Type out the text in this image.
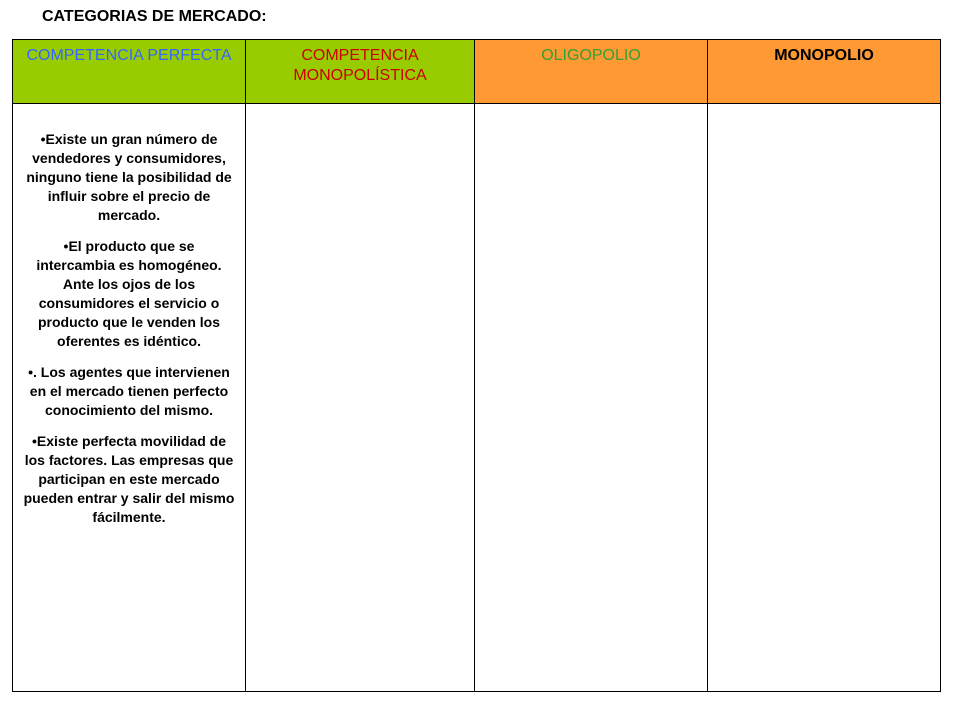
CATEGORIAS DE MERCADO:
COMPETENCIA PERFECTA	COMPETENCIA MONOPOLÍSTICA	OLIGOPOLIO	MONOPOLIO

•Existe un gran número de vendedores y consumidores, ninguno tiene la posibilidad de influir sobre el precio de mercado.

•El producto que se intercambia es homogéneo. Ante los ojos de los consumidores el servicio o producto que le venden los oferentes es idéntico.

•. Los agentes que intervienen en el mercado tienen perfecto conocimiento del mismo.

•Existe perfecta movilidad de los factores. Las empresas que participan en este mercado pueden entrar y salir del mismo fácilmente.			
